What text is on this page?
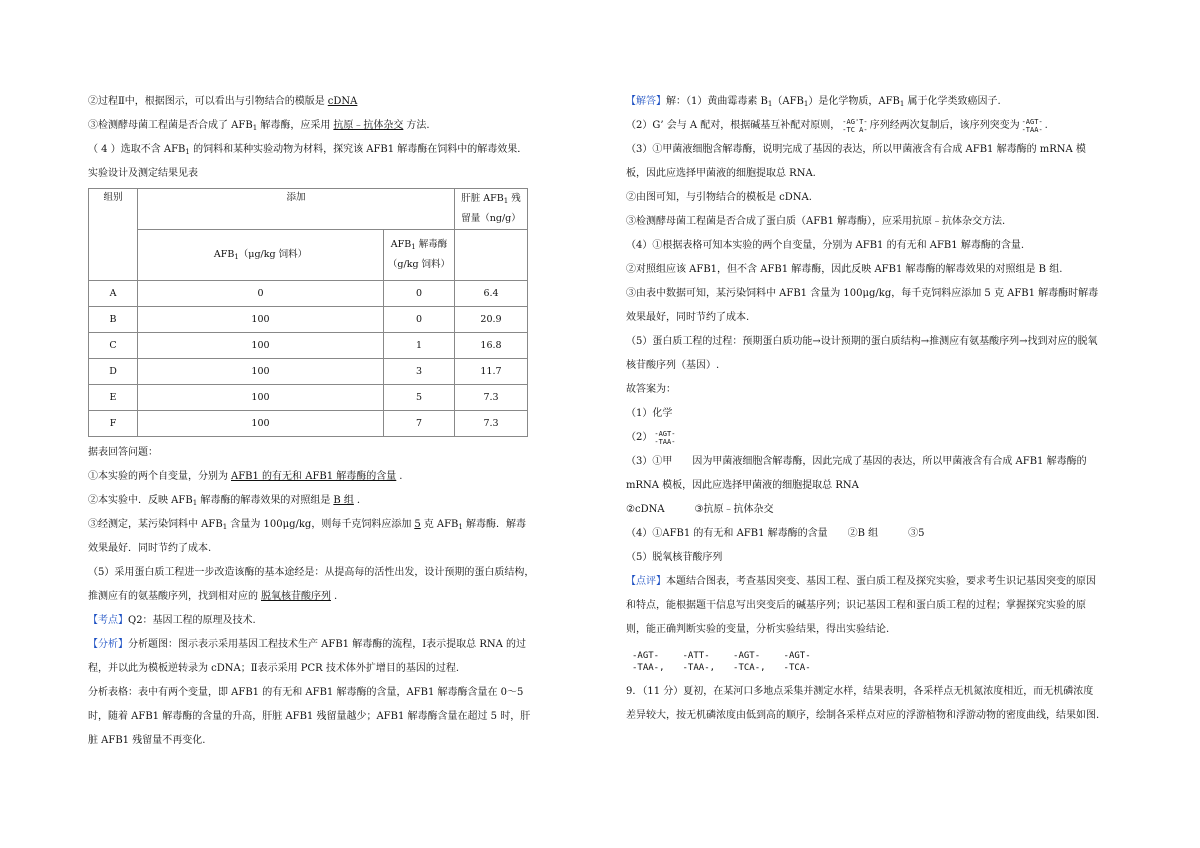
②过程Ⅱ中，根据图示，可以看出与引物结合的模版是 cDNA

③检测酵母菌工程菌是否合成了 $AFB_1$ 解毒酶，应采用 抗原﹣抗体杂交 方法.

（ 4 ）选取不含 $AFB_1$ 的饲料和某种实验动物为材料，探究该 AFB1 解毒酶在饲料中的解毒效果．实验设计及测定结果见表

组别	添加		肝脏 $AFB_1$ 残留量（ng/g）
	$AFB_1(\mu g/kg$ 饲料）	$AFB_1$ 解毒酶（g/kg 饲料）	
A	0	0	6.4
B	100	0	20.9
C	100	1	16.8
D	100	3	11.7
E	100	5	7.3
F	100	7	7.3

据表回答问题：

①本实验的两个自变量，分别为 AFB1 的有无和 AFB1 解毒酶的含量 .

②本实验中．反映 $AFB_1$ 解毒酶的解毒效果的对照组是 B 组 .

③经测定，某污染饲料中 $AFB_1$ 含量为 100μg/kg，则每千克饲料应添加 5 克 $AFB_1$ 解毒酶．解毒效果最好．同时节约了成本.

（5）采用蛋白质工程进一步改造该酶的基本途经是：从提高每的活性出发，设计预期的蛋白质结构，推测应有的氨基酸序列，找到相对应的 脱氧核苷酸序列 .

【考点】Q2：基因工程的原理及技术.

【分析】分析题图：图示表示采用基因工程技术生产 AFB1 解毒酶的流程，Ⅰ表示提取总 RNA 的过程，并以此为模板逆转录为 cDNA；Ⅱ表示采用 PCR 技术体外扩增目的基因的过程.

分析表格：表中有两个变量，即 AFB1 的有无和 AFB1 解毒酶的含量，AFB1 解毒酶含量在 0～5 时，随着 AFB1 解毒酶的含量的升高，肝脏 AFB1 残留量越少；AFB1 解毒酶含量在超过 5 时，肝脏 AFB1 残留量不再变化.

【解答】解：（1）黄曲霉毒素 $B_1(AFB_1)$是化学物质，$AFB_1$ 属于化学类致癌因子.

（2）G’ 会与 A 配对，根据碱基互补配对原则， -AG'T-
-TC A- 序列经两次复制后，该序列突变为 -AGT-
-TAA- .

（3）①甲菌液细胞含解毒酶，说明完成了基因的表达，所以甲菌液含有合成 AFB1 解毒酶的 mRNA 模板，因此应选择甲菌液的细胞提取总 RNA.

②由图可知，与引物结合的模板是 cDNA.

③检测酵母菌工程菌是否合成了蛋白质（AFB1 解毒酶），应采用抗原﹣抗体杂交方法.

（4）①根据表格可知本实验的两个自变量，分别为 AFB1 的有无和 AFB1 解毒酶的含量.

②对照组应该 AFB1，但不含 AFB1 解毒酶，因此反映 AFB1 解毒酶的解毒效果的对照组是 B 组.

③由表中数据可知，某污染饲料中 AFB1 含量为 100μg/kg，每千克饲料应添加 5 克 AFB1 解毒酶时解毒效果最好，同时节约了成本.

（5）蛋白质工程的过程：预期蛋白质功能→设计预期的蛋白质结构→推测应有氨基酸序列→找到对应的脱氧核苷酸序列（基因）.

故答案为：

（1）化学

（2） -AGT-
-TAA-

（3）①甲　　因为甲菌液细胞含解毒酶，因此完成了基因的表达，所以甲菌液含有合成 AFB1 解毒酶的 mRNA 模板，因此应选择甲菌液的细胞提取总 RNA

②cDNA　　　③抗原﹣抗体杂交

（4）①AFB1 的有无和 AFB1 解毒酶的含量　　②B 组　　　③5

（5）脱氧核苷酸序列

【点评】本题结合图表，考查基因突变、基因工程、蛋白质工程及探究实验，要求考生识记基因突变的原因和特点，能根据题干信息写出突变后的碱基序列；识记基因工程和蛋白质工程的过程；掌握探究实验的原则，能正确判断实验的变量，分析实验结果，得出实验结论.

-AGT-
-TAA-,
-ATT-
-TAA-,
-AGT-
-TCA-,
-AGT-
-TCA-

9．（11 分）夏初，在某河口多地点采集并测定水样，结果表明，各采样点无机氮浓度相近，而无机磷浓度差异较大，按无机磷浓度由低到高的顺序，绘制各采样点对应的浮游植物和浮游动物的密度曲线，结果如图.
